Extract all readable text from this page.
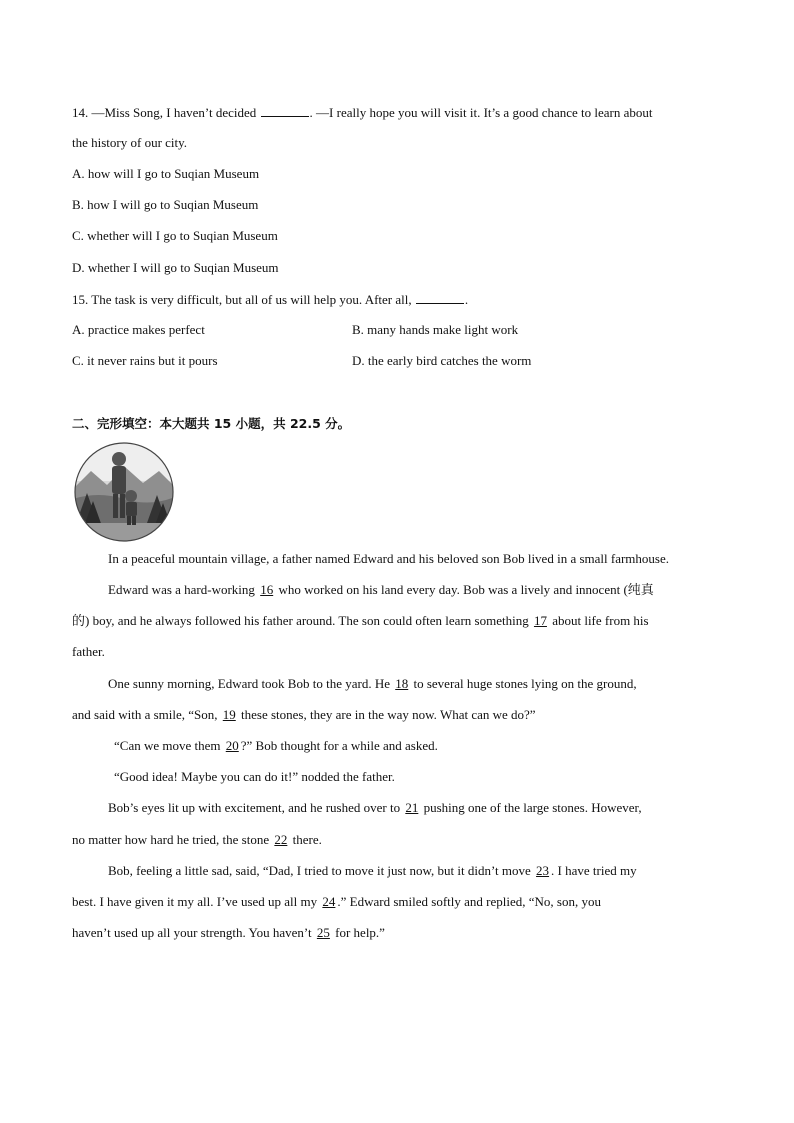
14. —Miss Song, I haven’t decided	. —I really hope you will visit it. It’s a good chance to learn about
the history of our city.
A. how will I go to Suqian Museum
B. how I will go to Suqian Museum
C. whether will I go to Suqian Museum
D. whether I will go to Suqian Museum
15. The task is very difficult, but all of us will help you. After all,	.
A. practice makes perfect	B. many hands make light work
C. it never rains but it pours	D. the early bird catches the worm
二、完形填空：本大题共 15 小题，共 22.5 分。
In a peaceful mountain village, a father named Edward and his beloved son Bob lived in a small farmhouse.
Edward was a hard-working 16 who worked on his land every day. Bob was a lively and innocent (纯真
的) boy, and he always followed his father around. The son could often learn something 17 about life from his
father.
One sunny morning, Edward took Bob to the yard. He 18 to several huge stones lying on the ground,
and said with a smile, “Son, 19 these stones, they are in the way now. What can we do?”
“Can we move them 20 ?” Bob thought for a while and asked.
“Good idea! Maybe you can do it!” nodded the father.
Bob’s eyes lit up with excitement, and he rushed over to 21 pushing one of the large stones. However,
no matter how hard he tried, the stone 22 there.
Bob, feeling a little sad, said, “Dad, I tried to move it just now, but it didn’t move 23 . I have tried my
best. I have given it my all. I’ve used up all my 24 .” Edward smiled softly and replied, “No, son, you
haven’t used up all your strength. You haven’t 25 for help.”
